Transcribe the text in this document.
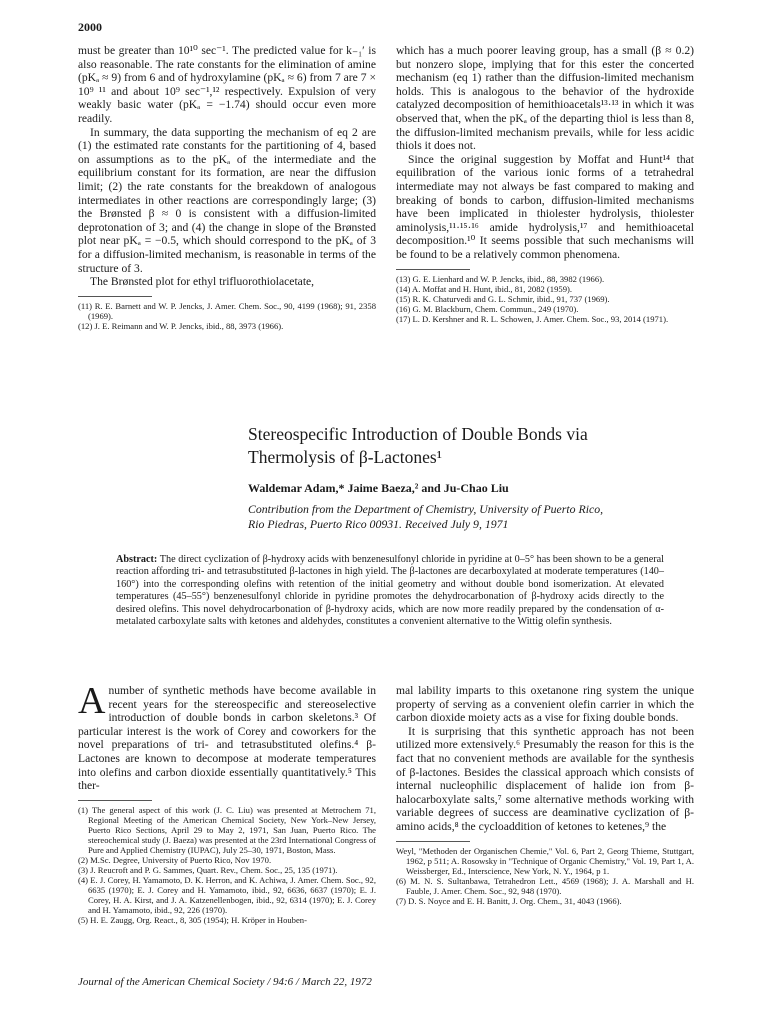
2000

must be greater than 10¹⁰ sec⁻¹. The predicted value for k₋₁′ is also reasonable. The rate constants for the elimination of amine (pKₐ ≈ 9) from 6 and of hydroxylamine (pKₐ ≈ 6) from 7 are 7 × 10⁹ ¹¹ and about 10⁹ sec⁻¹,¹² respectively. Expulsion of very weakly basic water (pKₐ = −1.74) should occur even more readily.

In summary, the data supporting the mechanism of eq 2 are (1) the estimated rate constants for the partitioning of 4, based on assumptions as to the pKₐ of the intermediate and the equilibrium constant for its formation, are near the diffusion limit; (2) the rate constants for the breakdown of analogous intermediates in other reactions are correspondingly large; (3) the Brønsted β ≈ 0 is consistent with a diffusion-limited deprotonation of 3; and (4) the change in slope of the Brønsted plot near pKₐ = −0.5, which should correspond to the pKₐ of 3 for a diffusion-limited mechanism, is reasonable in terms of the structure of 3.

The Brønsted plot for ethyl trifluorothiolacetate,

(11) R. E. Barnett and W. P. Jencks, J. Amer. Chem. Soc., 90, 4199 (1968); 91, 2358 (1969).

(12) J. E. Reimann and W. P. Jencks, ibid., 88, 3973 (1966).

which has a much poorer leaving group, has a small (β ≈ 0.2) but nonzero slope, implying that for this ester the concerted mechanism (eq 1) rather than the diffusion-limited mechanism holds. This is analogous to the behavior of the hydroxide catalyzed decomposition of hemithioacetals¹³·¹³ in which it was observed that, when the pKₐ of the departing thiol is less than 8, the diffusion-limited mechanism prevails, while for less acidic thiols it does not.

Since the original suggestion by Moffat and Hunt¹⁴ that equilibration of the various ionic forms of a tetrahedral intermediate may not always be fast compared to making and breaking of bonds to carbon, diffusion-limited mechanisms have been implicated in thiolester hydrolysis, thiolester aminolysis,¹¹·¹⁵·¹⁶ amide hydrolysis,¹⁷ and hemithioacetal decomposition.¹⁰ It seems possible that such mechanisms will be found to be a relatively common phenomena.

(13) G. E. Lienhard and W. P. Jencks, ibid., 88, 3982 (1966).

(14) A. Moffat and H. Hunt, ibid., 81, 2082 (1959).

(15) R. K. Chaturvedi and G. L. Schmir, ibid., 91, 737 (1969).

(16) G. M. Blackburn, Chem. Commun., 249 (1970).

(17) L. D. Kershner and R. L. Schowen, J. Amer. Chem. Soc., 93, 2014 (1971).

Stereospecific Introduction of Double Bonds via
Thermolysis of β-Lactones¹
Waldemar Adam,* Jaime Baeza,² and Ju-Chao Liu
Contribution from the Department of Chemistry, University of Puerto Rico,
Rio Piedras, Puerto Rico 00931. Received July 9, 1971
Abstract: The direct cyclization of β-hydroxy acids with benzenesulfonyl chloride in pyridine at 0–5° has been shown to be a general reaction affording tri- and tetrasubstituted β-lactones in high yield. The β-lactones are decarboxylated at moderate temperatures (140–160°) into the corresponding olefins with retention of the initial geometry and without double bond isomerization. At elevated temperatures (45–55°) benzenesulfonyl chloride in pyridine promotes the dehydrocarbonation of β-hydroxy acids directly to the desired olefins. This novel dehydrocarbonation of β-hydroxy acids, which are now more readily prepared by the condensation of α-metalated carboxylate salts with ketones and aldehydes, constitutes a convenient alternative to the Wittig olefin synthesis.

Anumber of synthetic methods have become available in recent years for the stereospecific and stereoselective introduction of double bonds in carbon skeletons.³ Of particular interest is the work of Corey and coworkers for the novel preparations of tri- and tetrasubstituted olefins.⁴ β-Lactones are known to decompose at moderate temperatures into olefins and carbon dioxide essentially quantitatively.⁵ This ther-

(1) The general aspect of this work (J. C. Liu) was presented at Metrochem 71, Regional Meeting of the American Chemical Society, New York–New Jersey, Puerto Rico Sections, April 29 to May 2, 1971, San Juan, Puerto Rico. The stereochemical study (J. Baeza) was presented at the 23rd International Congress of Pure and Applied Chemistry (IUPAC), July 25–30, 1971, Boston, Mass.

(2) M.Sc. Degree, University of Puerto Rico, Nov 1970.

(3) J. Reucroft and P. G. Sammes, Quart. Rev., Chem. Soc., 25, 135 (1971).

(4) E. J. Corey, H. Yamamoto, D. K. Herron, and K. Achiwa, J. Amer. Chem. Soc., 92, 6635 (1970); E. J. Corey and H. Yamamoto, ibid., 92, 6636, 6637 (1970); E. J. Corey, H. A. Kirst, and J. A. Katzenellenbogen, ibid., 92, 6314 (1970); E. J. Corey and H. Yamamoto, ibid., 92, 226 (1970).

(5) H. E. Zaugg, Org. React., 8, 305 (1954); H. Kröper in Houben-

mal lability imparts to this oxetanone ring system the unique property of serving as a convenient olefin carrier in which the carbon dioxide moiety acts as a vise for fixing double bonds.

It is surprising that this synthetic approach has not been utilized more extensively.⁶ Presumably the reason for this is the fact that no convenient methods are available for the synthesis of β-lactones. Besides the classical approach which consists of internal nucleophilic displacement of halide ion from β-halocarboxylate salts,⁷ some alternative methods working with variable degrees of success are deaminative cyclization of β-amino acids,⁸ the cycloaddition of ketones to ketenes,⁹ the

Weyl, "Methoden der Organischen Chemie," Vol. 6, Part 2, Georg Thieme, Stuttgart, 1962, p 511; A. Rosowsky in "Technique of Organic Chemistry," Vol. 19, Part 1, A. Weissberger, Ed., Interscience, New York, N. Y., 1964, p 1.

(6) M. N. S. Sultanbawa, Tetrahedron Lett., 4569 (1968); J. A. Marshall and H. Fauble, J. Amer. Chem. Soc., 92, 948 (1970).

(7) D. S. Noyce and E. H. Banitt, J. Org. Chem., 31, 4043 (1966).

Journal of the American Chemical Society / 94:6 / March 22, 1972
